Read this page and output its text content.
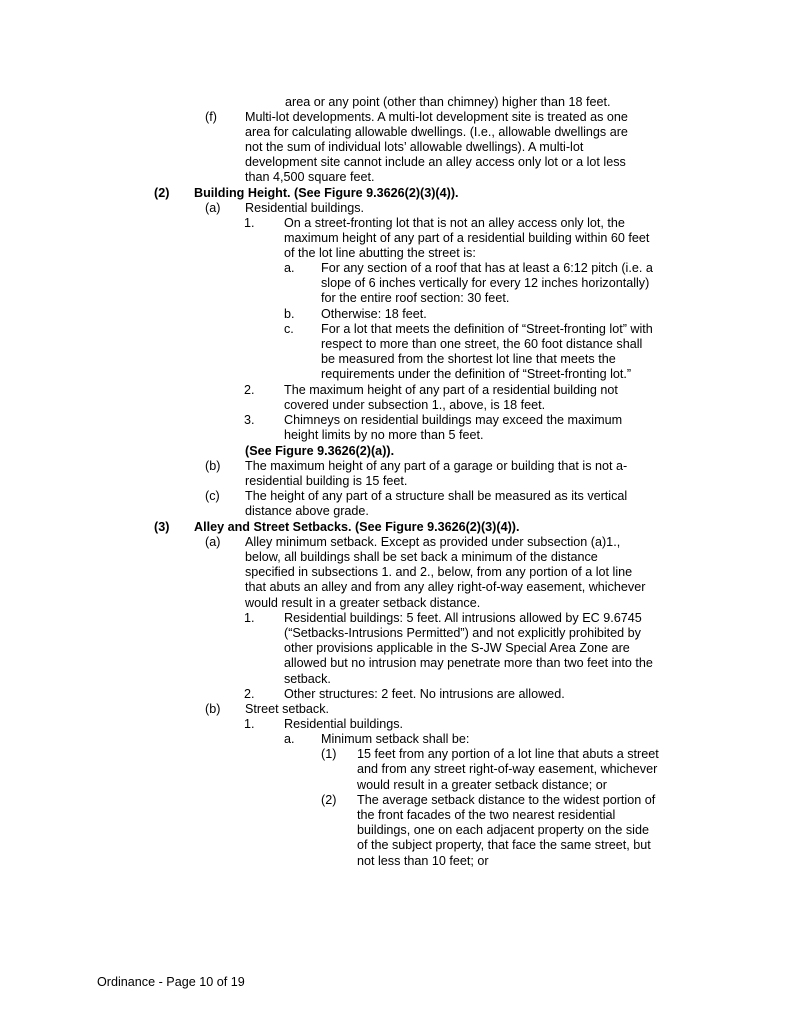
area or any point (other than chimney) higher than 18 feet.
(f) Multi-lot developments. A multi-lot development site is treated as one
area for calculating allowable dwellings. (I.e., allowable dwellings are
not the sum of individual lots’ allowable dwellings). A multi-lot
development site cannot include an alley access only lot or a lot less
than 4,500 square feet.
(2) Building Height. (See Figure 9.3626(2)(3)(4)).
(a) Residential buildings.
1. On a street-fronting lot that is not an alley access only lot, the
maximum height of any part of a residential building within 60 feet
of the lot line abutting the street is:
a. For any section of a roof that has at least a 6:12 pitch (i.e. a
slope of 6 inches vertically for every 12 inches horizontally)
for the entire roof section: 30 feet.
b. Otherwise: 18 feet.
c. For a lot that meets the definition of “Street-fronting lot” with
respect to more than one street, the 60 foot distance shall
be measured from the shortest lot line that meets the
requirements under the definition of “Street-fronting lot.”
2. The maximum height of any part of a residential building not
covered under subsection 1., above, is 18 feet.
3. Chimneys on residential buildings may exceed the maximum
height limits by no more than 5 feet.
(See Figure 9.3626(2)(a)).
(b) The maximum height of any part of a garage or building that is not a-
residential building is 15 feet.
(c) The height of any part of a structure shall be measured as its vertical
distance above grade.
(3) Alley and Street Setbacks. (See Figure 9.3626(2)(3)(4)).
(a) Alley minimum setback. Except as provided under subsection (a)1.,
below, all buildings shall be set back a minimum of the distance
specified in subsections 1. and 2., below, from any portion of a lot line
that abuts an alley and from any alley right-of-way easement, whichever
would result in a greater setback distance.
1. Residential buildings: 5 feet. All intrusions allowed by EC 9.6745
(“Setbacks-Intrusions Permitted”) and not explicitly prohibited by
other provisions applicable in the S-JW Special Area Zone are
allowed but no intrusion may penetrate more than two feet into the
setback.
2. Other structures: 2 feet. No intrusions are allowed.
(b) Street setback.
1. Residential buildings.
a. Minimum setback shall be:
(1) 15 feet from any portion of a lot line that abuts a street
and from any street right-of-way easement, whichever
would result in a greater setback distance; or
(2) The average setback distance to the widest portion of
the front facades of the two nearest residential
buildings, one on each adjacent property on the side
of the subject property, that face the same street, but
not less than 10 feet; or
Ordinance - Page 10 of 19
